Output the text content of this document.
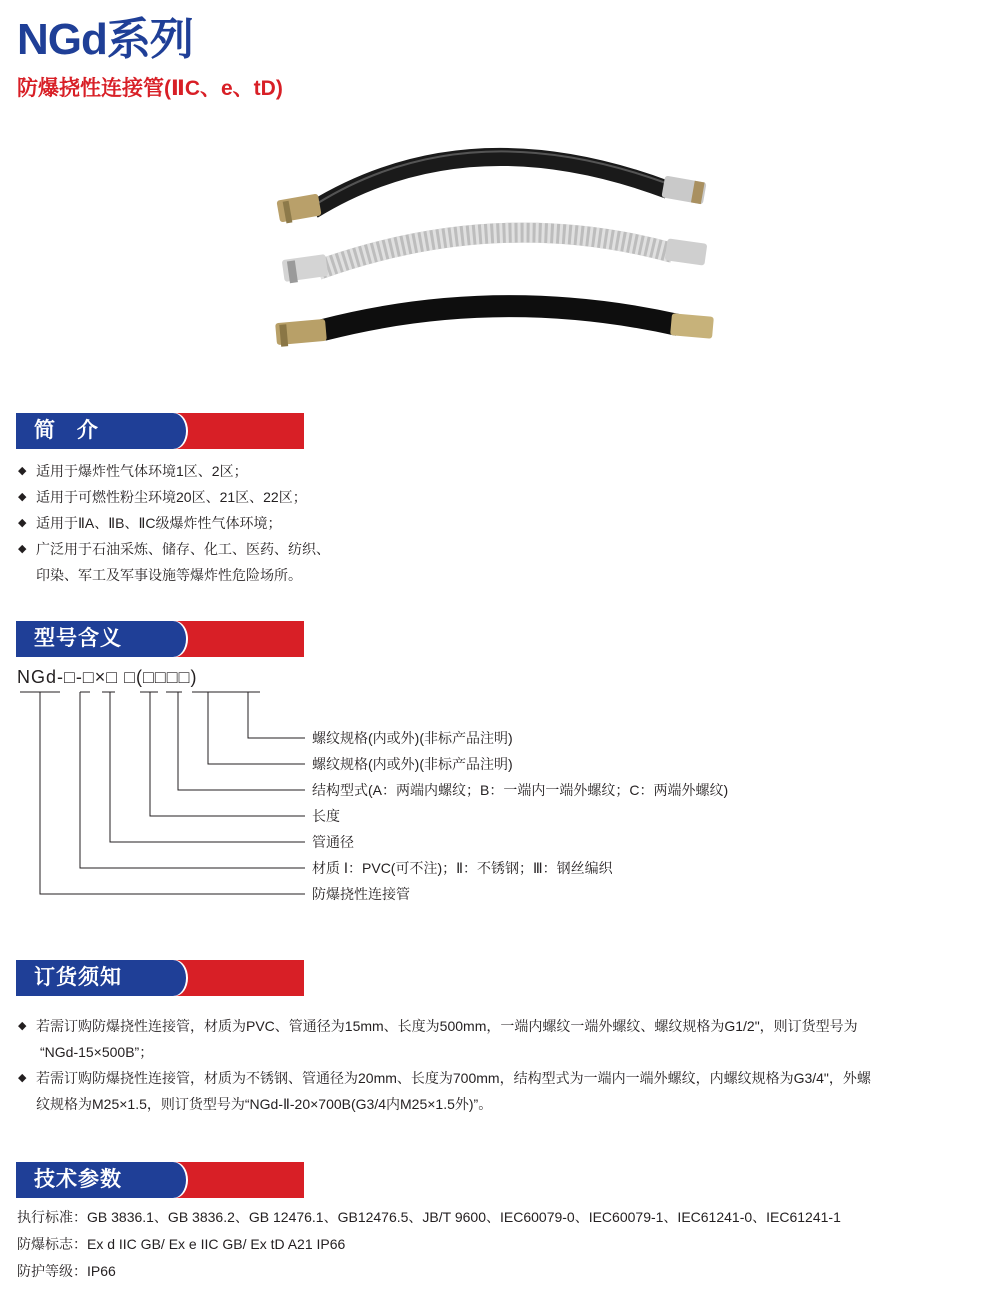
NGd系列
防爆挠性连接管(ⅡC、e、tD)
简 介
◆ 适用于爆炸性气体环境1区、2区；
◆ 适用于可燃性粉尘环境20区、21区、22区；
◆ 适用于ⅡA、ⅡB、ⅡC级爆炸性气体环境；
◆ 广泛用于石油采炼、储存、化工、医药、纺织、
印染、军工及军事设施等爆炸性危险场所。
型号含义
NGd-□-□×□ □(□□□□)
螺纹规格(内或外)(非标产品注明)
螺纹规格(内或外)(非标产品注明)
结构型式(A：两端内螺纹；B：一端内一端外螺纹；C：两端外螺纹)
长度
管通径
材质 Ⅰ：PVC(可不注)；Ⅱ：不锈钢；Ⅲ：钢丝编织
防爆挠性连接管
订货须知
◆ 若需订购防爆挠性连接管，材质为PVC、管通径为15mm、长度为500mm，一端内螺纹一端外螺纹、螺纹规格为G1/2"，则订货型号为
“NGd-15×500B”；
◆ 若需订购防爆挠性连接管，材质为不锈钢、管通径为20mm、长度为700mm，结构型式为一端内一端外螺纹，内螺纹规格为G3/4"，外螺
纹规格为M25×1.5，则订货型号为“NGd-Ⅱ-20×700B(G3/4内M25×1.5外)”。
技术参数
执行标准：GB 3836.1、GB 3836.2、GB 12476.1、GB12476.5、JB/T 9600、IEC60079-0、IEC60079-1、IEC61241-0、IEC61241-1
防爆标志：Ex d IIC GB/ Ex e IIC GB/ Ex tD A21 IP66
防护等级：IP66
